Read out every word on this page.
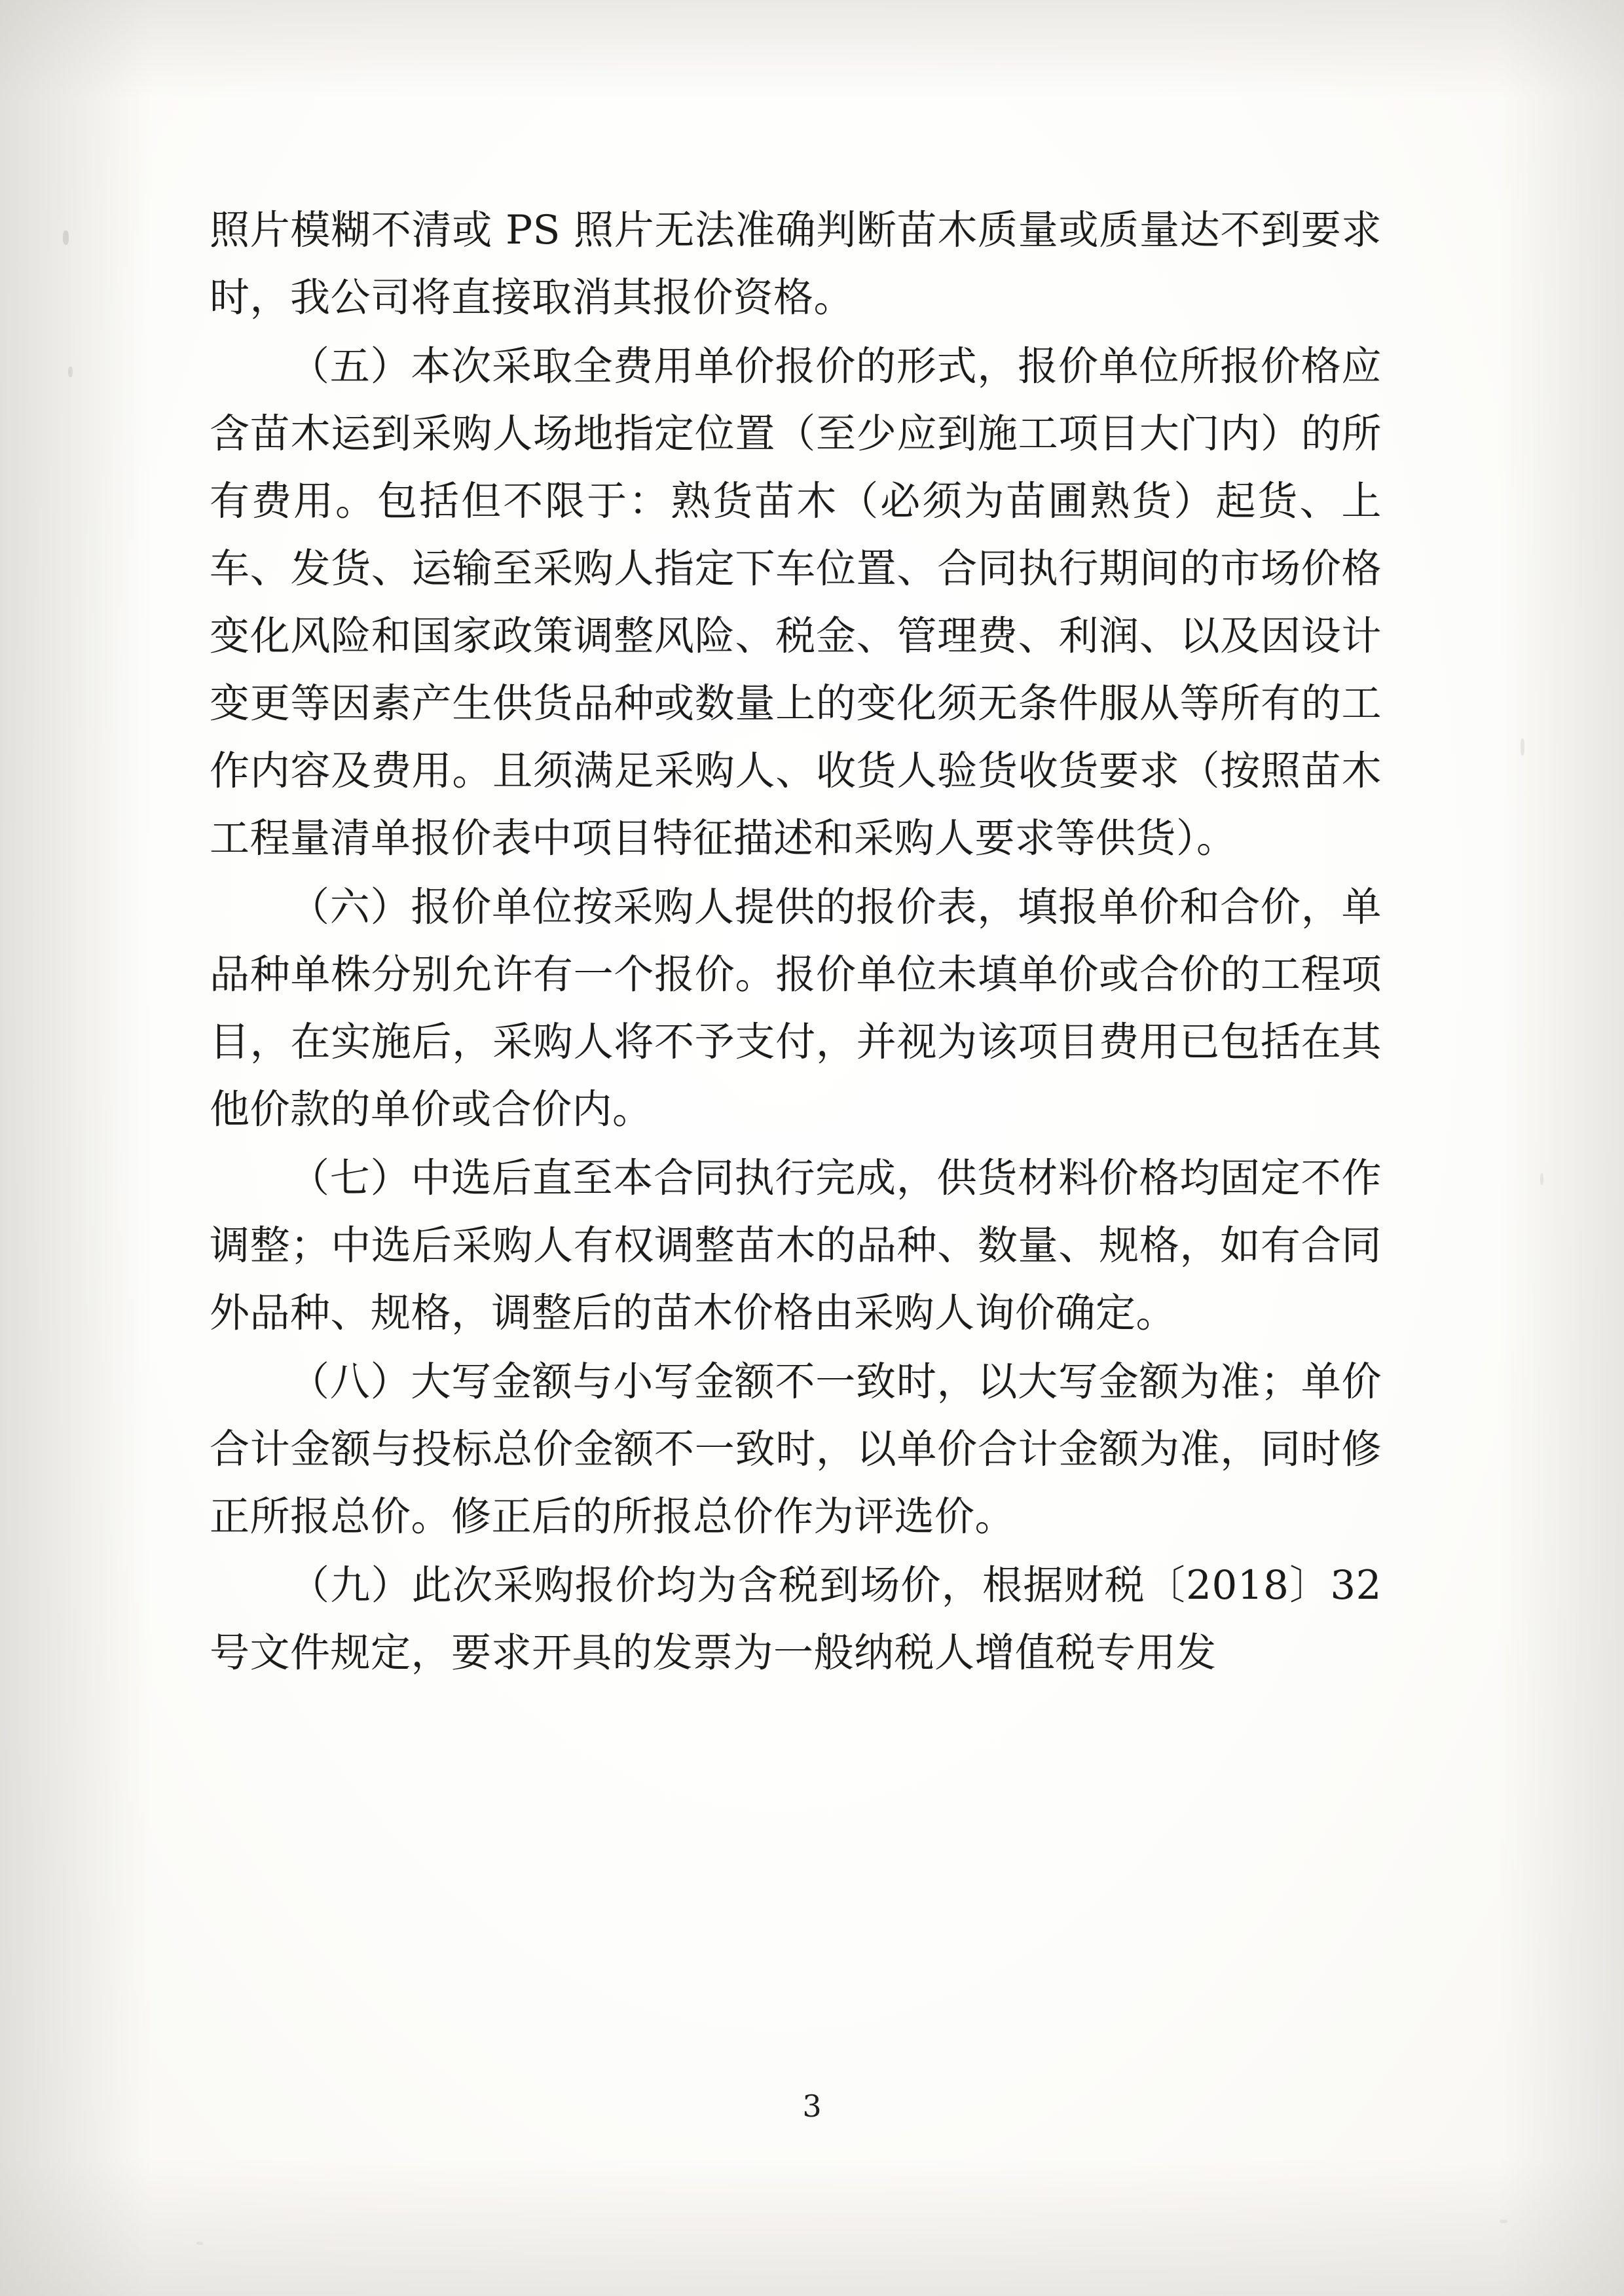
照片模糊不清或 PS 照片无法准确判断苗木质量或质量达不到要求时，我公司将直接取消其报价资格。

（五）本次采取全费用单价报价的形式，报价单位所报价格应含苗木运到采购人场地指定位置（至少应到施工项目大门内）的所有费用。包括但不限于：熟货苗木（必须为苗圃熟货）起货、上车、发货、运输至采购人指定下车位置、合同执行期间的市场价格变化风险和国家政策调整风险、税金、管理费、利润、以及因设计变更等因素产生供货品种或数量上的变化须无条件服从等所有的工作内容及费用。且须满足采购人、收货人验货收货要求（按照苗木工程量清单报价表中项目特征描述和采购人要求等供货）。

（六）报价单位按采购人提供的报价表，填报单价和合价，单品种单株分别允许有一个报价。报价单位未填单价或合价的工程项目，在实施后，采购人将不予支付，并视为该项目费用已包括在其他价款的单价或合价内。

（七）中选后直至本合同执行完成，供货材料价格均固定不作调整；中选后采购人有权调整苗木的品种、数量、规格，如有合同外品种、规格，调整后的苗木价格由采购人询价确定。

（八）大写金额与小写金额不一致时，以大写金额为准；单价合计金额与投标总价金额不一致时，以单价合计金额为准，同时修正所报总价。修正后的所报总价作为评选价。

（九）此次采购报价均为含税到场价，根据财税〔2018〕32 号文件规定，要求开具的发票为一般纳税人增值税专用发

3
